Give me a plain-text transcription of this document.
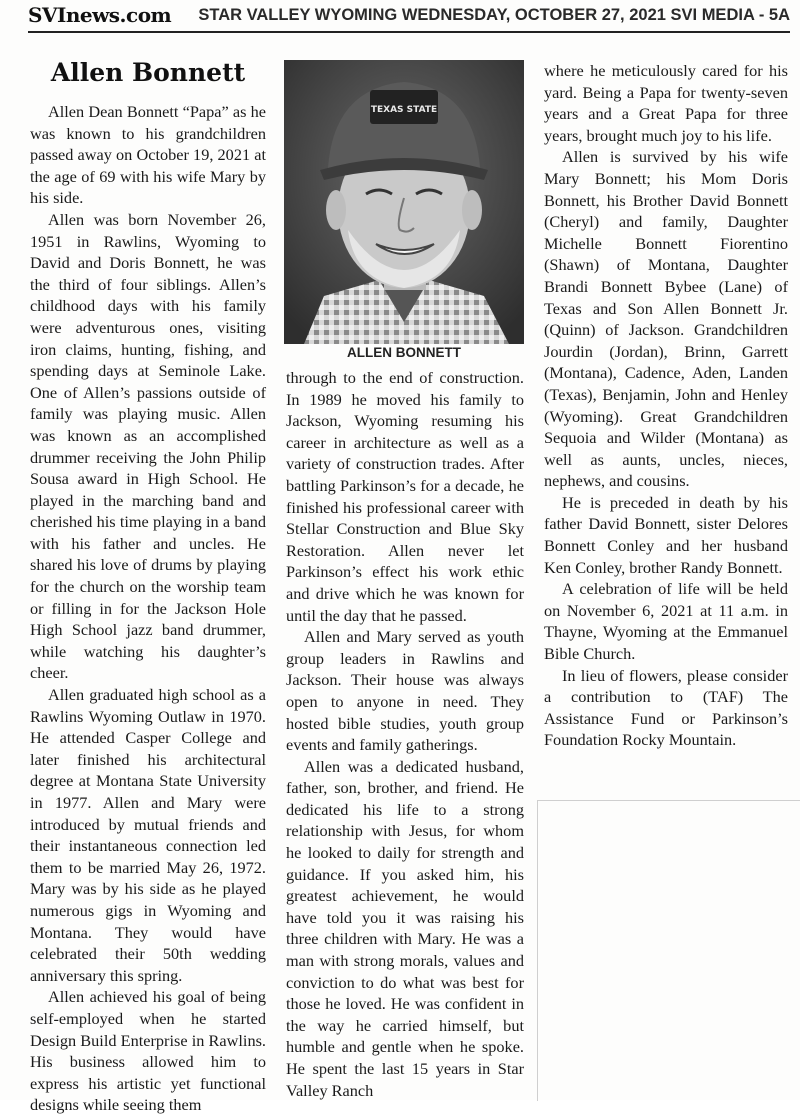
SVInews.com STAR VALLEY WYOMING WEDNESDAY, OCTOBER 27, 2021 SVI MEDIA - 5A
Allen Bonnett

Allen Dean Bonnett “Papa” as he was known to his grandchildren passed away on October 19, 2021 at the age of 69 with his wife Mary by his side.

Allen was born November 26, 1951 in Rawlins, Wyoming to David and Doris Bonnett, he was the third of four siblings. Allen’s childhood days with his family were adventurous ones, visiting iron claims, hunting, fishing, and spending days at Seminole Lake. One of Allen’s passions outside of family was playing music. Allen was known as an accomplished drummer receiving the John Philip Sousa award in High School. He played in the marching band and cherished his time playing in a band with his father and uncles. He shared his love of drums by playing for the church on the worship team or filling in for the Jackson Hole High School jazz band drummer, while watching his daughter’s cheer.

Allen graduated high school as a Rawlins Wyoming Outlaw in 1970. He attended Casper College and later finished his architectural degree at Montana State University in 1977. Allen and Mary were introduced by mutual friends and their instantaneous connection led them to be married May 26, 1972. Mary was by his side as he played numerous gigs in Wyoming and Montana. They would have celebrated their 50th wedding anniversary this spring.

Allen achieved his goal of being self-employed when he started Design Build Enterprise in Rawlins. His business allowed him to express his artistic yet functional designs while seeing them

TEXAS STATE
ALLEN BONNETT

through to the end of construction. In 1989 he moved his family to Jackson, Wyoming resuming his career in architecture as well as a variety of construction trades. After battling Parkinson’s for a decade, he finished his professional career with Stellar Construction and Blue Sky Restoration. Allen never let Parkinson’s effect his work ethic and drive which he was known for until the day that he passed.

Allen and Mary served as youth group leaders in Rawlins and Jackson. Their house was always open to anyone in need. They hosted bible studies, youth group events and family gatherings.

Allen was a dedicated husband, father, son, brother, and friend. He dedicated his life to a strong relationship with Jesus, for whom he looked to daily for strength and guidance. If you asked him, his greatest achievement, he would have told you it was raising his three children with Mary. He was a man with strong morals, values and conviction to do what was best for those he loved. He was confident in the way he carried himself, but humble and gentle when he spoke. He spent the last 15 years in Star Valley Ranch

where he meticulously cared for his yard. Being a Papa for twenty-seven years and a Great Papa for three years, brought much joy to his life.

Allen is survived by his wife Mary Bonnett; his Mom Doris Bonnett, his Brother David Bonnett (Cheryl) and family, Daughter Michelle Bonnett Fiorentino (Shawn) of Montana, Daughter Brandi Bonnett Bybee (Lane) of Texas and Son Allen Bonnett Jr. (Quinn) of Jackson. Grandchildren Jourdin (Jordan), Brinn, Garrett (Montana), Cadence, Aden, Landen (Texas), Benjamin, John and Henley (Wyoming). Great Grandchildren Sequoia and Wilder (Montana) as well as aunts, uncles, nieces, nephews, and cousins.

He is preceded in death by his father David Bonnett, sister Delores Bonnett Conley and her husband Ken Conley, brother Randy Bonnett.

A celebration of life will be held on November 6, 2021 at 11 a.m. in Thayne, Wyoming at the Emmanuel Bible Church.

In lieu of flowers, please consider a contribution to (TAF) The Assistance Fund or Parkinson’s Foundation Rocky Mountain.
